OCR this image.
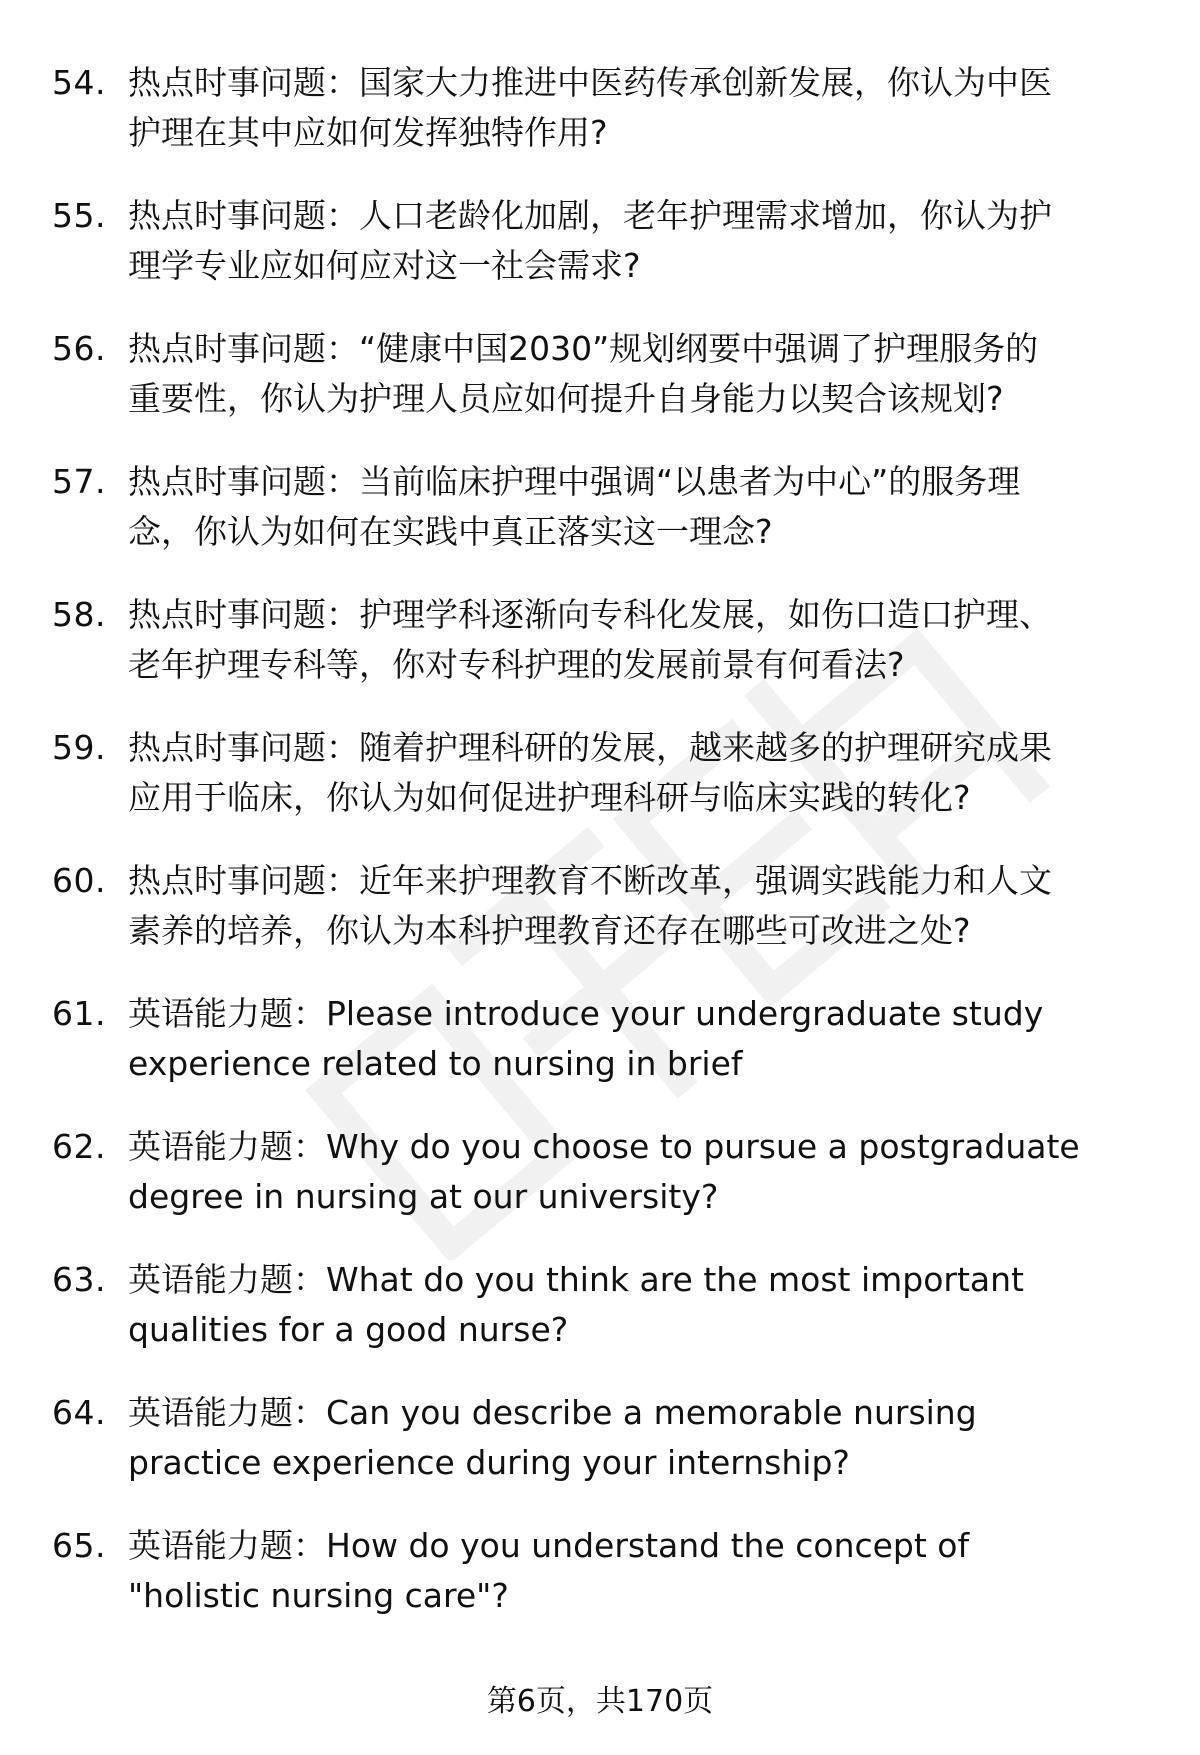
54. 热点时事问题：国家大力推进中医药传承创新发展，你认为中医
护理在其中应如何发挥独特作用?

55. 热点时事问题：人口老龄化加剧，老年护理需求增加，你认为护
理学专业应如何应对这一社会需求?

56. 热点时事问题：“健康中国2030”规划纲要中强调了护理服务的
重要性，你认为护理人员应如何提升自身能力以契合该规划?

57. 热点时事问题：当前临床护理中强调“以患者为中心”的服务理
念，你认为如何在实践中真正落实这一理念?

58. 热点时事问题：护理学科逐渐向专科化发展，如伤口造口护理、
老年护理专科等，你对专科护理的发展前景有何看法?

59. 热点时事问题：随着护理科研的发展，越来越多的护理研究成果
应用于临床，你认为如何促进护理科研与临床实践的转化?

60. 热点时事问题：近年来护理教育不断改革，强调实践能力和人文
素养的培养，你认为本科护理教育还存在哪些可改进之处?

61. 英语能力题：Please introduce your undergraduate study
experience related to nursing in brief

62. 英语能力题：Why do you choose to pursue a postgraduate
degree in nursing at our university?

63. 英语能力题：What do you think are the most important
qualities for a good nurse?

64. 英语能力题：Can you describe a memorable nursing
practice experience during your internship?

65. 英语能力题：How do you understand the concept of
"holistic nursing care"?

第6页，共170页
